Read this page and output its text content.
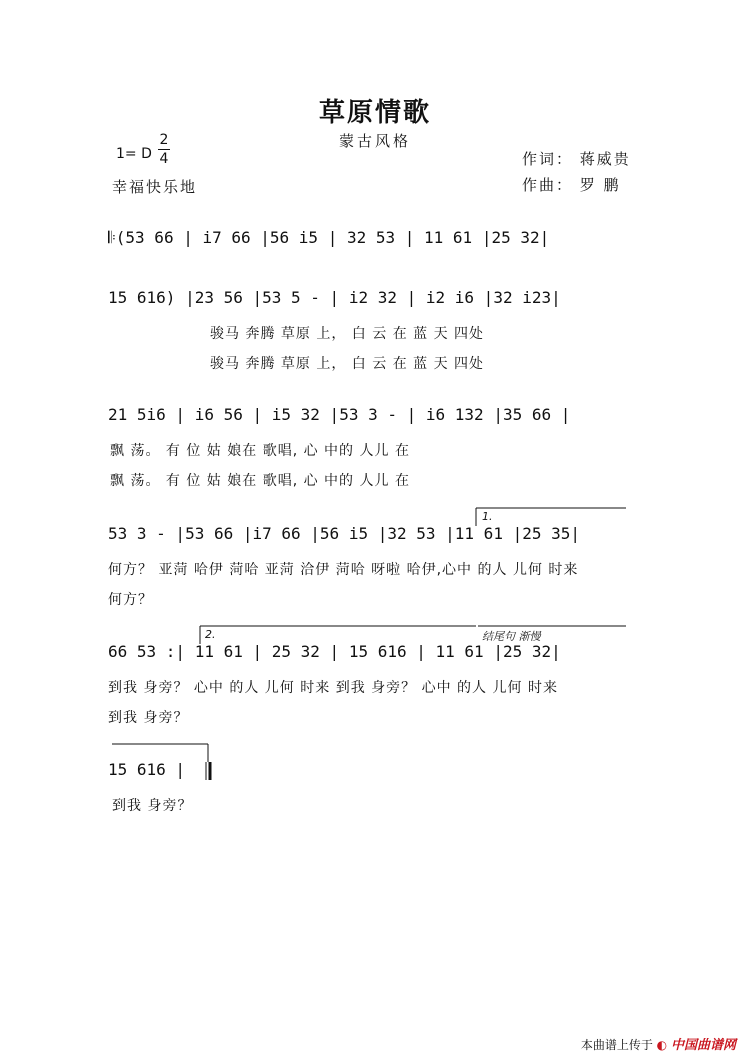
草原情歌
蒙古风格
1= D
2
4	作词： 蒋威贵
作曲： 罗 鹏
幸福快乐地
𝄆(53 66 | i7 66 |56 i5 | 32 53 | 11 61 |25 32|
15 616) |23 56 |53 5 - | i2 32 | i2 i6 |32 i23|
骏马 奔腾 草原 上， 白 云 在 蓝 天 四处
骏马 奔腾 草原 上， 白 云 在 蓝 天 四处
21 5i6 | i6 56 | i5 32 |53 3 - | i6 132 |35 66 |
飘 荡。 有 位 姑 娘在 歌唱, 心 中的 人儿 在
飘 荡。 有 位 姑 娘在 歌唱, 心 中的 人儿 在
1.
53 3 - |53 66 |i7 66 |56 i5 |32 53 |11 61 |25 35|
何方？ 亚菏 哈伊 菏哈 亚菏 洽伊 菏哈 呀啦 哈伊,心中 的人 儿何 时来
何方？
2.	结尾句 渐慢
66 53 :| 11 61 | 25 32 | 15 616 | 11 61 |25 32|
到我 身旁？ 心中 的人 儿何 时来 到我 身旁？ 心中 的人 儿何 时来
到我 身旁？
15 616 |
到我 身旁？
本曲谱上传于 ◐ 中国曲谱网
